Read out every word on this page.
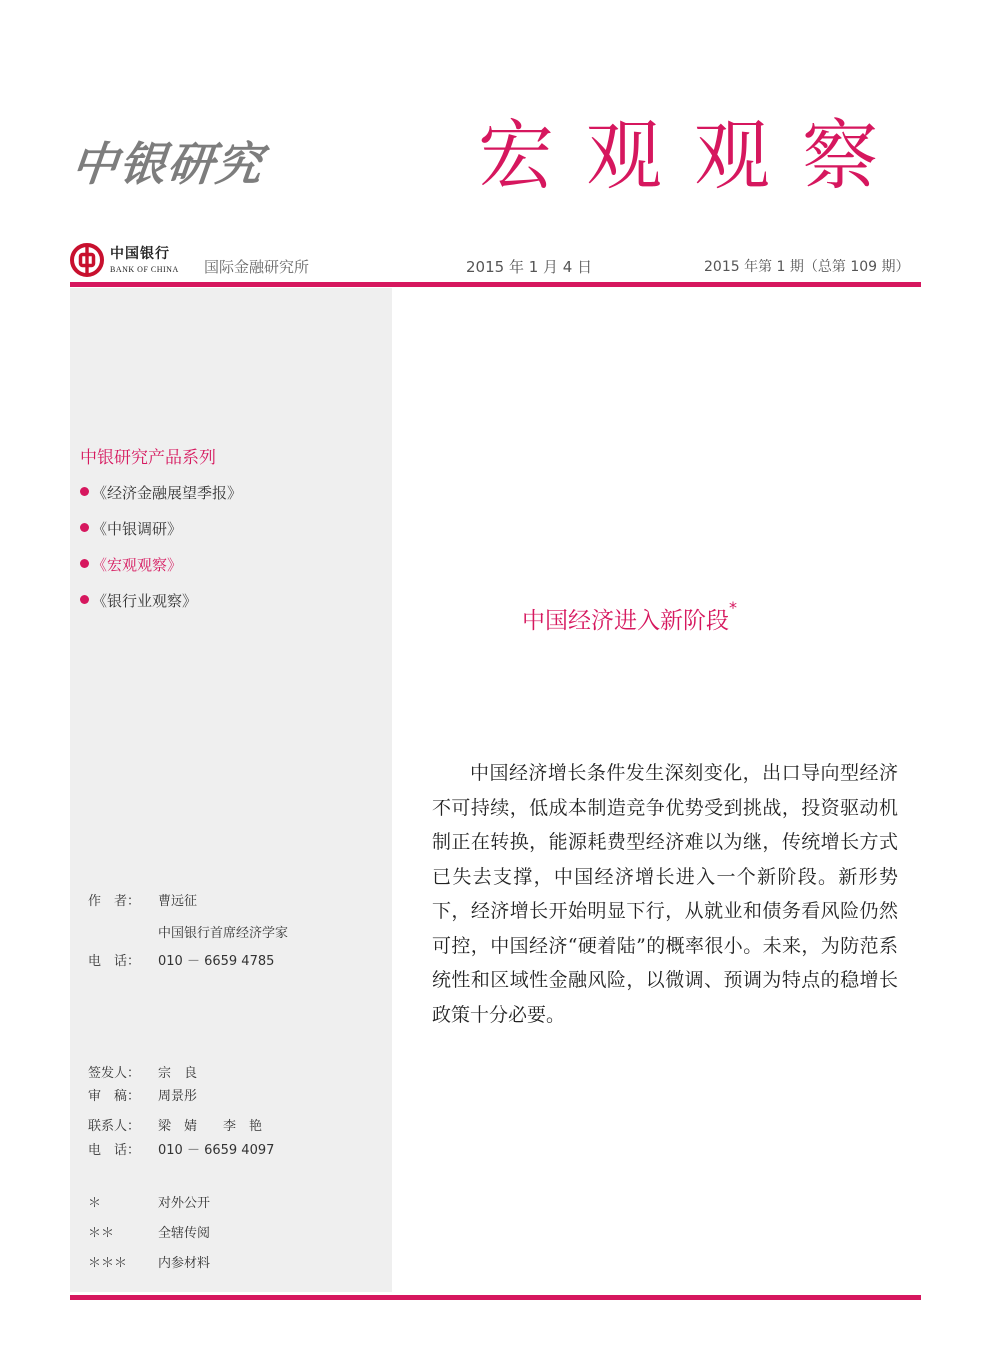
中银研究	宏观观察
中国银行
BANK OF CHINA 国际金融研究所	2015 年 1 月 4 日	2015 年第 1 期（总第 109 期）
中银研究产品系列
《经济金融展望季报》
《中银调研》
《宏观观察》
《银行业观察》
作　者： 曹远征
中国银行首席经济学家
电　话： 010 － 6659 4785
签发人： 宗　良
审　稿： 周景彤
联系人： 梁　婧　　李　艳
电　话： 010 － 6659 4097
＊	对外公开
＊＊	全辖传阅
＊＊＊ 内参材料
中国经济进入新阶段*

中国经济增长条件发生深刻变化，出口导向型经济不可持续，低成本制造竞争优势受到挑战，投资驱动机制正在转换，能源耗费型经济难以为继，传统增长方式已失去支撑，中国经济增长进入一个新阶段。新形势下，经济增长开始明显下行，从就业和债务看风险仍然可控，中国经济“硬着陆”的概率很小。未来，为防范系统性和区域性金融风险，以微调、预调为特点的稳增长政策十分必要。
